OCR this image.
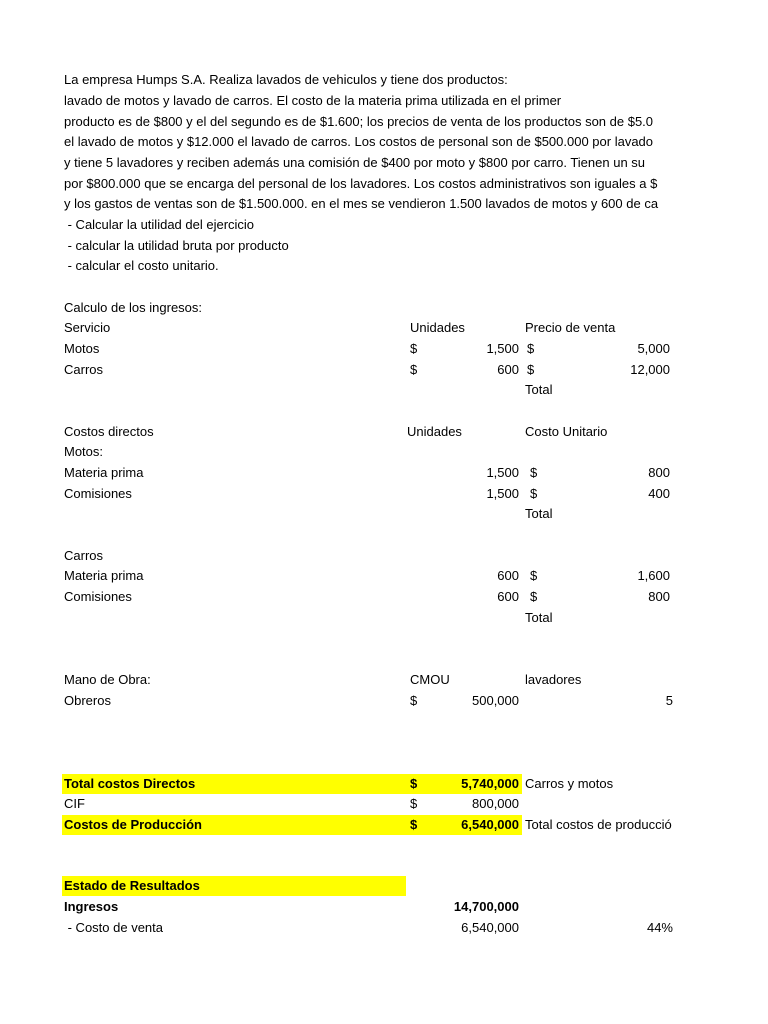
La empresa Humps S.A. Realiza lavados de vehiculos y tiene dos productos:
lavado de motos y lavado de carros. El costo de la materia prima utilizada en el primer
producto es de $800 y el del segundo es de $1.600; los precios de venta de los productos son de $5.0
el lavado de motos y $12.000 el lavado de carros. Los costos de personal son de $500.000 por lavado
y tiene 5 lavadores y reciben además una comisión de $400 por moto y $800 por carro. Tienen un su
por $800.000 que se encarga del personal de los lavadores. Los costos administrativos son iguales a $
y los gastos de ventas son de $1.500.000. en el mes se vendieron 1.500 lavados de motos y 600 de ca
- Calcular la utilidad del ejercicio
- calcular la utilidad bruta por producto
- calcular el costo unitario.
Calculo de los ingresos:
Servicio	Unidades	Precio de venta
Motos	$	1,500 $	5,000
Carros	$	600 $	12,000
Total
Costos directos	Unidades	Costo Unitario
Motos:
Materia prima	1,500 $	800
Comisiones	1,500 $	400
Total
Carros
Materia prima	600 $	1,600
Comisiones	600 $	800
Total
Mano de Obra:	CMOU	lavadores
Obreros	$	500,000	5
Total costos Directos	$	5,740,000 Carros y motos
CIF	$	800,000
Costos de Producción	$	6,540,000 Total costos de producció
Estado de Resultados
Ingresos	14,700,000
- Costo de venta	6,540,000	44%
